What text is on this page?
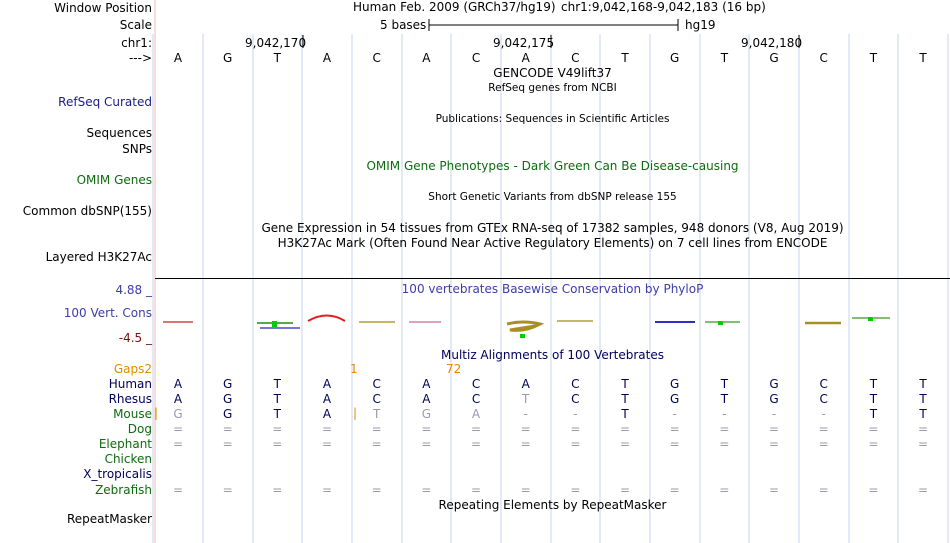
Window Position	Human Feb. 2009 (GRCh37/hg19) chr1:9,042,168-9,042,183 (16 bp)
Scale	5 bases	hg19
chr1:	9,042,170	9,042,175	9,042,180
--->	A	G	T	A	C	A	C	A	C	T	G	T	G	C	T	T
GENCODE V49lift37
RefSeq genes from NCBI
RefSeq Curated
Publications: Sequences in Scientific Articles
Sequences
SNPs
OMIM Gene Phenotypes - Dark Green Can Be Disease-causing
OMIM Genes
Short Genetic Variants from dbSNP release 155
Common dbSNP(155)
Gene Expression in 54 tissues from GTEx RNA-seq of 17382 samples, 948 donors (V8, Aug 2019)
H3K27Ac Mark (Often Found Near Active Regulatory Elements) on 7 cell lines from ENCODE
Layered H3K27Ac
100 vertebrates Basewise Conservation by PhyloP
4.88 _
100 Vert. Cons
-4.5 _
Multiz Alignments of 100 Vertebrates
Gaps2	1	72
Human	A	G	T	A	C	A	C	A	C	T	G	T	G	C	T	T
Rhesus	A	G	T	A	C	A	C	T	C	T	G	T	G	C	T	T
Mouse	G	G	T	A	T	G	A	-	-	T	-	-	-	-	T	T
Dog	=	=	=	=	=	=	=	=	=	=	=	=	=	=	=	=
Elephant	=	=	=	=	=	=	=	=	=	=	=	=	=	=	=	=
Chicken
X_tropicalis
Zebrafish	=	=	=	=	=	=	=	=	=	=	=	=	=	=	=	=
|	|
Repeating Elements by RepeatMasker
RepeatMasker
